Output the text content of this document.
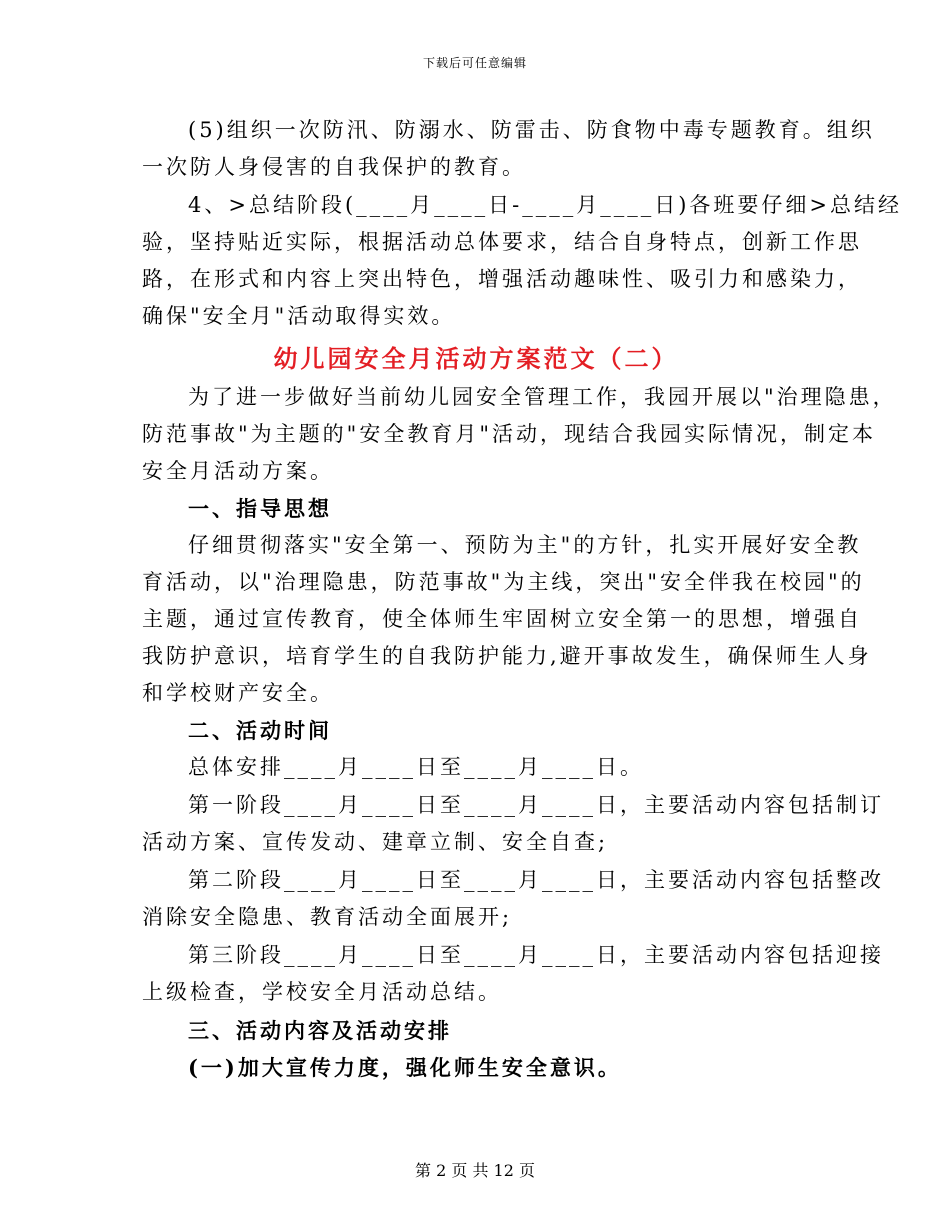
下载后可任意编辑
(5)组织一次防汛、防溺水、防雷击、防食物中毒专题教育。组织
一次防人身侵害的自我保护的教育。
4、>总结阶段(____月____日-____月____日)各班要仔细>总结经
验，坚持贴近实际，根据活动总体要求，结合自身特点，创新工作思
路，在形式和内容上突出特色，增强活动趣味性、吸引力和感染力，
确保"安全月"活动取得实效。
幼儿园安全月活动方案范文（二）
为了进一步做好当前幼儿园安全管理工作，我园开展以"治理隐患，
防范事故"为主题的"安全教育月"活动，现结合我园实际情况，制定本
安全月活动方案。
一、指导思想
仔细贯彻落实"安全第一、预防为主"的方针，扎实开展好安全教
育活动，以"治理隐患，防范事故"为主线，突出"安全伴我在校园"的
主题，通过宣传教育，使全体师生牢固树立安全第一的思想，增强自
我防护意识，培育学生的自我防护能力,避开事故发生，确保师生人身
和学校财产安全。
二、活动时间
总体安排____月____日至____月____日。
第一阶段____月____日至____月____日，主要活动内容包括制订
活动方案、宣传发动、建章立制、安全自查;
第二阶段____月____日至____月____日，主要活动内容包括整改
消除安全隐患、教育活动全面展开;
第三阶段____月____日至____月____日，主要活动内容包括迎接
上级检查，学校安全月活动总结。
三、活动内容及活动安排
(一)加大宣传力度，强化师生安全意识。
第 2 页 共 12 页
